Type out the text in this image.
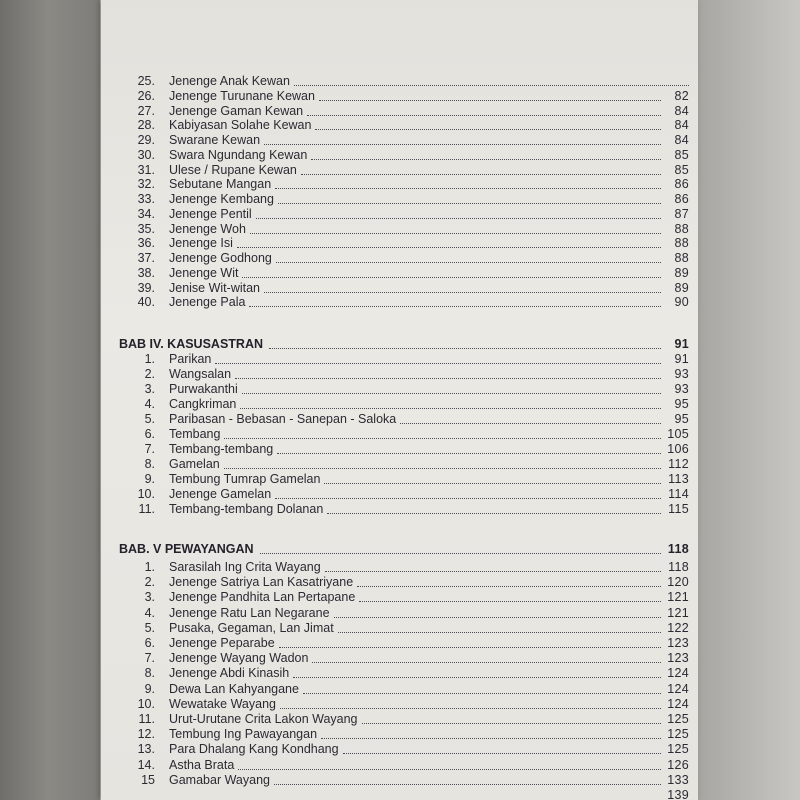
25. Jenenge Anak Kewan
26. Jenenge Turunane Kewan	82
27. Jenenge Gaman Kewan	84
28. Kabiyasan Solahe Kewan	84
29. Swarane Kewan	84
30. Swara Ngundang Kewan	85
31. Ulese / Rupane Kewan	85
32. Sebutane Mangan	86
33. Jenenge Kembang	86
34. Jenenge Pentil	87
35. Jenenge Woh	88
36. Jenenge Isi	88
37. Jenenge Godhong	88
38. Jenenge Wit	89
39. Jenise Wit-witan	89
40. Jenenge Pala	90
BAB IV. KASUSASTRAN	91
1. Parikan	91
2. Wangsalan	93
3. Purwakanthi	93
4. Cangkriman	95
5. Paribasan - Bebasan - Sanepan - Saloka	95
6. Tembang	105
7. Tembang-tembang	106
8. Gamelan	112
9. Tembung Tumrap Gamelan	113
10. Jenenge Gamelan	114
11. Tembang-tembang Dolanan	115
BAB. V PEWAYANGAN	118
1. Sarasilah Ing Crita Wayang	118
2. Jenenge Satriya Lan Kasatriyane	120
3. Jenenge Pandhita Lan Pertapane	121
4. Jenenge Ratu Lan Negarane	121
5. Pusaka, Gegaman, Lan Jimat	122
6. Jenenge Peparabe	123
7. Jenenge Wayang Wadon	123
8. Jenenge Abdi Kinasih	124
9. Dewa Lan Kahyangane	124
10. Wewatake Wayang	124
11. Urut-Urutane Crita Lakon Wayang	125
12. Tembung Ing Pawayangan	125
13. Para Dhalang Kang Kondhang	125
14. Astha Brata	126
15 Gamabar Wayang	133
139
